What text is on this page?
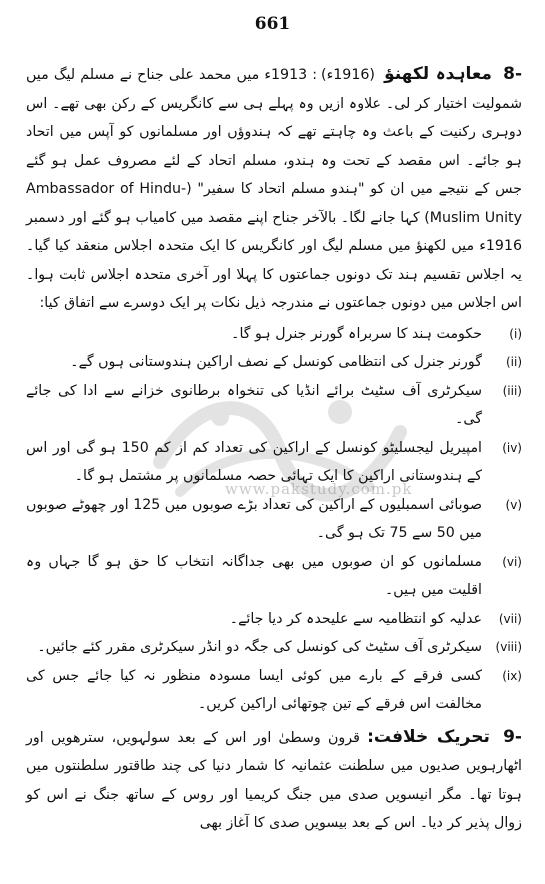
661
www.pakstudy.com.pk

-8 معاہدہ لکھنؤ (1916ء): 1913ء میں محمد علی جناح نے مسلم لیگ میں شمولیت اختیار کر لی۔ علاوہ ازیں وہ پہلے ہی سے کانگریس کے رکن بھی تھے۔ اس دوہری رکنیت کے باعث وہ چاہتے تھے کہ ہندوؤں اور مسلمانوں کو آپس میں اتحاد ہو جائے۔ اس مقصد کے تحت وہ ہندو، مسلم اتحاد کے لئے مصروف عمل ہو گئے جس کے نتیجے میں ان کو "ہندو مسلم اتحاد کا سفیر" (Ambassador of Hindu-Muslim Unity) کہا جانے لگا۔ بالآخر جناح اپنے مقصد میں کامیاب ہو گئے اور دسمبر 1916ء میں لکھنؤ میں مسلم لیگ اور کانگریس کا ایک متحدہ اجلاس منعقد کیا گیا۔ یہ اجلاس تقسیم ہند تک دونوں جماعتوں کا پہلا اور آخری متحدہ اجلاس ثابت ہوا۔ اس اجلاس میں دونوں جماعتوں نے مندرجہ ذیل نکات پر ایک دوسرے سے اتفاق کیا:

(i)
حکومت ہند کا سربراہ گورنر جنرل ہو گا۔
(ii)
گورنر جنرل کی انتظامی کونسل کے نصف اراکین ہندوستانی ہوں گے۔
(iii)
سیکرٹری آف سٹیٹ برائے انڈیا کی تنخواہ برطانوی خزانے سے ادا کی جائے گی۔
(iv)
امپیریل لیجسلیٹو کونسل کے اراکین کی تعداد کم از کم 150 ہو گی اور اس کے ہندوستانی اراکین کا ایک تہائی حصہ مسلمانوں پر مشتمل ہو گا۔
(v)
صوبائی اسمبلیوں کے اراکین کی تعداد بڑے صوبوں میں 125 اور چھوٹے صوبوں میں 50 سے 75 تک ہو گی۔
(vi)
مسلمانوں کو ان صوبوں میں بھی جداگانہ انتخاب کا حق ہو گا جہاں وہ اقلیت میں ہیں۔
(vii)
عدلیہ کو انتظامیہ سے علیحدہ کر دیا جائے۔
(viii)
سیکرٹری آف سٹیٹ کی کونسل کی جگہ دو انڈر سیکرٹری مقرر کئے جائیں۔
(ix)
کسی فرقے کے بارے میں کوئی ایسا مسودہ منظور نہ کیا جائے جس کی مخالفت اس فرقے کے تین چوتھائی اراکین کریں۔

-9 تحریک خلافت: قرون وسطیٰ اور اس کے بعد سولہویں، سترھویں اور اٹھارہویں صدیوں میں سلطنت عثمانیہ کا شمار دنیا کی چند طاقتور سلطنتوں میں ہوتا تھا۔ مگر انیسویں صدی میں جنگ کریمیا اور روس کے ساتھ جنگ نے اس کو زوال پذیر کر دیا۔ اس کے بعد بیسویں صدی کا آغاز بھی
